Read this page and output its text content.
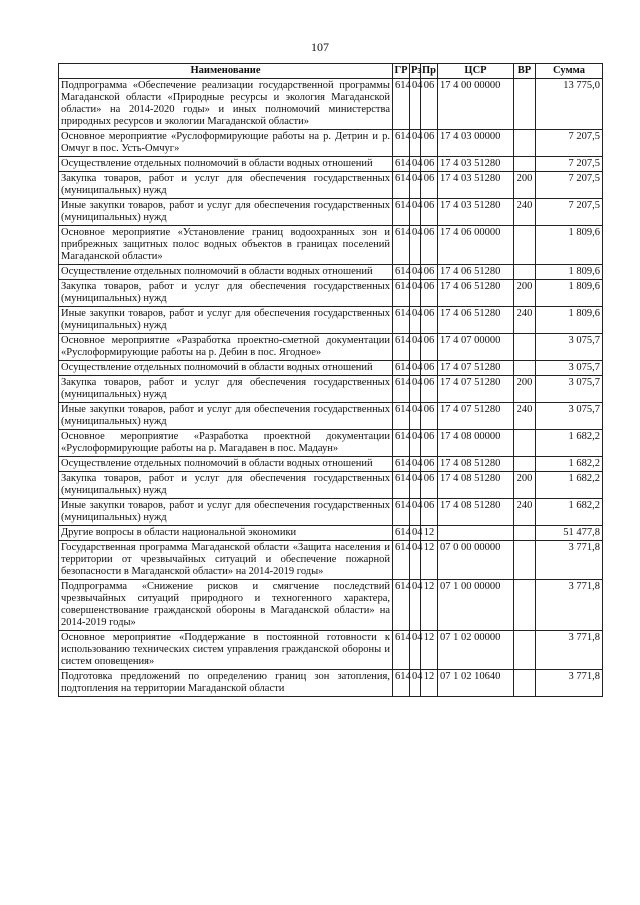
107
Наименование	ГР	Рз	Пр	ЦСР	ВР	Сумма
Подпрограмма «Обеспечение реализации государственной программы Магаданской области «Природные ресурсы и экология Магаданской области» на 2014-2020 годы» и иных полномочий министерства природных ресурсов и экологии Магаданской области»	614	04	06	17 4 00 00000		13 775,0
Основное мероприятие «Руслоформирующие работы на р. Детрин и р. Омчуг в пос. Усть-Омчуг»	614	04	06	17 4 03 00000		7 207,5
Осуществление отдельных полномочий в области водных отношений	614	04	06	17 4 03 51280		7 207,5
Закупка товаров, работ и услуг для обеспечения государственных (муниципальных) нужд	614	04	06	17 4 03 51280	200	7 207,5
Иные закупки товаров, работ и услуг для обеспечения государственных (муниципальных) нужд	614	04	06	17 4 03 51280	240	7 207,5
Основное мероприятие «Установление границ водоохранных зон и прибрежных защитных полос водных объектов в границах поселений Магаданской области»	614	04	06	17 4 06 00000		1 809,6
Осуществление отдельных полномочий в области водных отношений	614	04	06	17 4 06 51280		1 809,6
Закупка товаров, работ и услуг для обеспечения государственных (муниципальных) нужд	614	04	06	17 4 06 51280	200	1 809,6
Иные закупки товаров, работ и услуг для обеспечения государственных (муниципальных) нужд	614	04	06	17 4 06 51280	240	1 809,6
Основное мероприятие «Разработка проектно-сметной документации «Руслоформирующие работы на р. Дебин в пос. Ягодное»	614	04	06	17 4 07 00000		3 075,7
Осуществление отдельных полномочий в области водных отношений	614	04	06	17 4 07 51280		3 075,7
Закупка товаров, работ и услуг для обеспечения государственных (муниципальных) нужд	614	04	06	17 4 07 51280	200	3 075,7
Иные закупки товаров, работ и услуг для обеспечения государственных (муниципальных) нужд	614	04	06	17 4 07 51280	240	3 075,7
Основное мероприятие «Разработка проектной документации «Руслоформирующие работы на р. Магадавен в пос. Мадаун»	614	04	06	17 4 08 00000		1 682,2
Осуществление отдельных полномочий в области водных отношений	614	04	06	17 4 08 51280		1 682,2
Закупка товаров, работ и услуг для обеспечения государственных (муниципальных) нужд	614	04	06	17 4 08 51280	200	1 682,2
Иные закупки товаров, работ и услуг для обеспечения государственных (муниципальных) нужд	614	04	06	17 4 08 51280	240	1 682,2
Другие вопросы в области национальной экономики	614	04	12			51 477,8
Государственная программа Магаданской области «Защита населения и территории от чрезвычайных ситуаций и обеспечение пожарной безопасности в Магаданской области» на 2014-2019 годы»	614	04	12	07 0 00 00000		3 771,8
Подпрограмма «Снижение рисков и смягчение последствий чрезвычайных ситуаций природного и техногенного характера, совершенствование гражданской обороны в Магаданской области» на 2014-2019 годы»	614	04	12	07 1 00 00000		3 771,8
Основное мероприятие «Поддержание в постоянной готовности к использованию технических систем управления гражданской обороны и систем оповещения»	614	04	12	07 1 02 00000		3 771,8
Подготовка предложений по определению границ зон затопления, подтопления на территории Магаданской области	614	04	12	07 1 02 10640		3 771,8
